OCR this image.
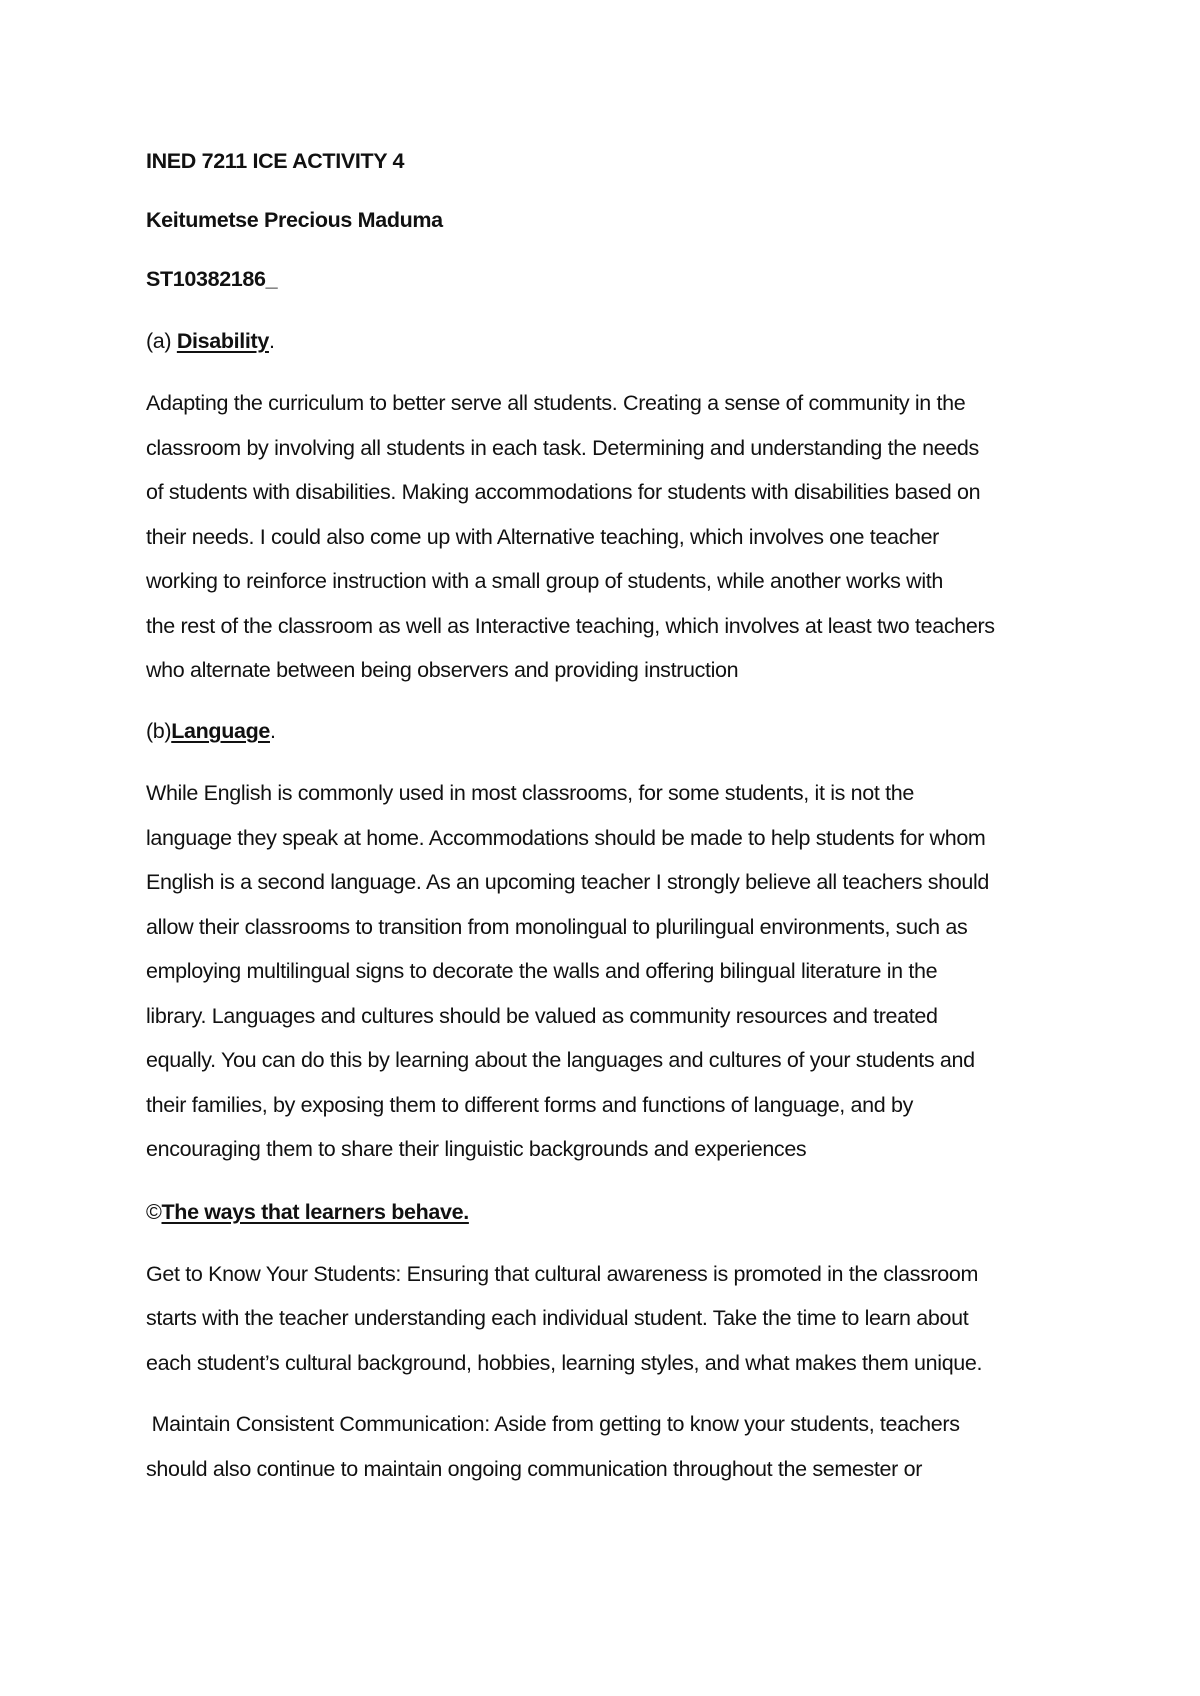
INED 7211 ICE ACTIVITY 4
Keitumetse Precious Maduma
ST10382186_
(a) Disability.
Adapting the curriculum to better serve all students. Creating a sense of community in the
classroom by involving all students in each task. Determining and understanding the needs
of students with disabilities. Making accommodations for students with disabilities based on
their needs. I could also come up with Alternative teaching, which involves one teacher
working to reinforce instruction with a small group of students, while another works with
the rest of the classroom as well as Interactive teaching, which involves at least two teachers
who alternate between being observers and providing instruction
(b)Language.
While English is commonly used in most classrooms, for some students, it is not the
language they speak at home. Accommodations should be made to help students for whom
English is a second language. As an upcoming teacher I strongly believe all teachers should
allow their classrooms to transition from monolingual to plurilingual environments, such as
employing multilingual signs to decorate the walls and offering bilingual literature in the
library. Languages and cultures should be valued as community resources and treated
equally. You can do this by learning about the languages and cultures of your students and
their families, by exposing them to different forms and functions of language, and by
encouraging them to share their linguistic backgrounds and experiences
©The ways that learners behave.
Get to Know Your Students: Ensuring that cultural awareness is promoted in the classroom
starts with the teacher understanding each individual student. Take the time to learn about
each student’s cultural background, hobbies, learning styles, and what makes them unique.
Maintain Consistent Communication: Aside from getting to know your students, teachers
should also continue to maintain ongoing communication throughout the semester or
